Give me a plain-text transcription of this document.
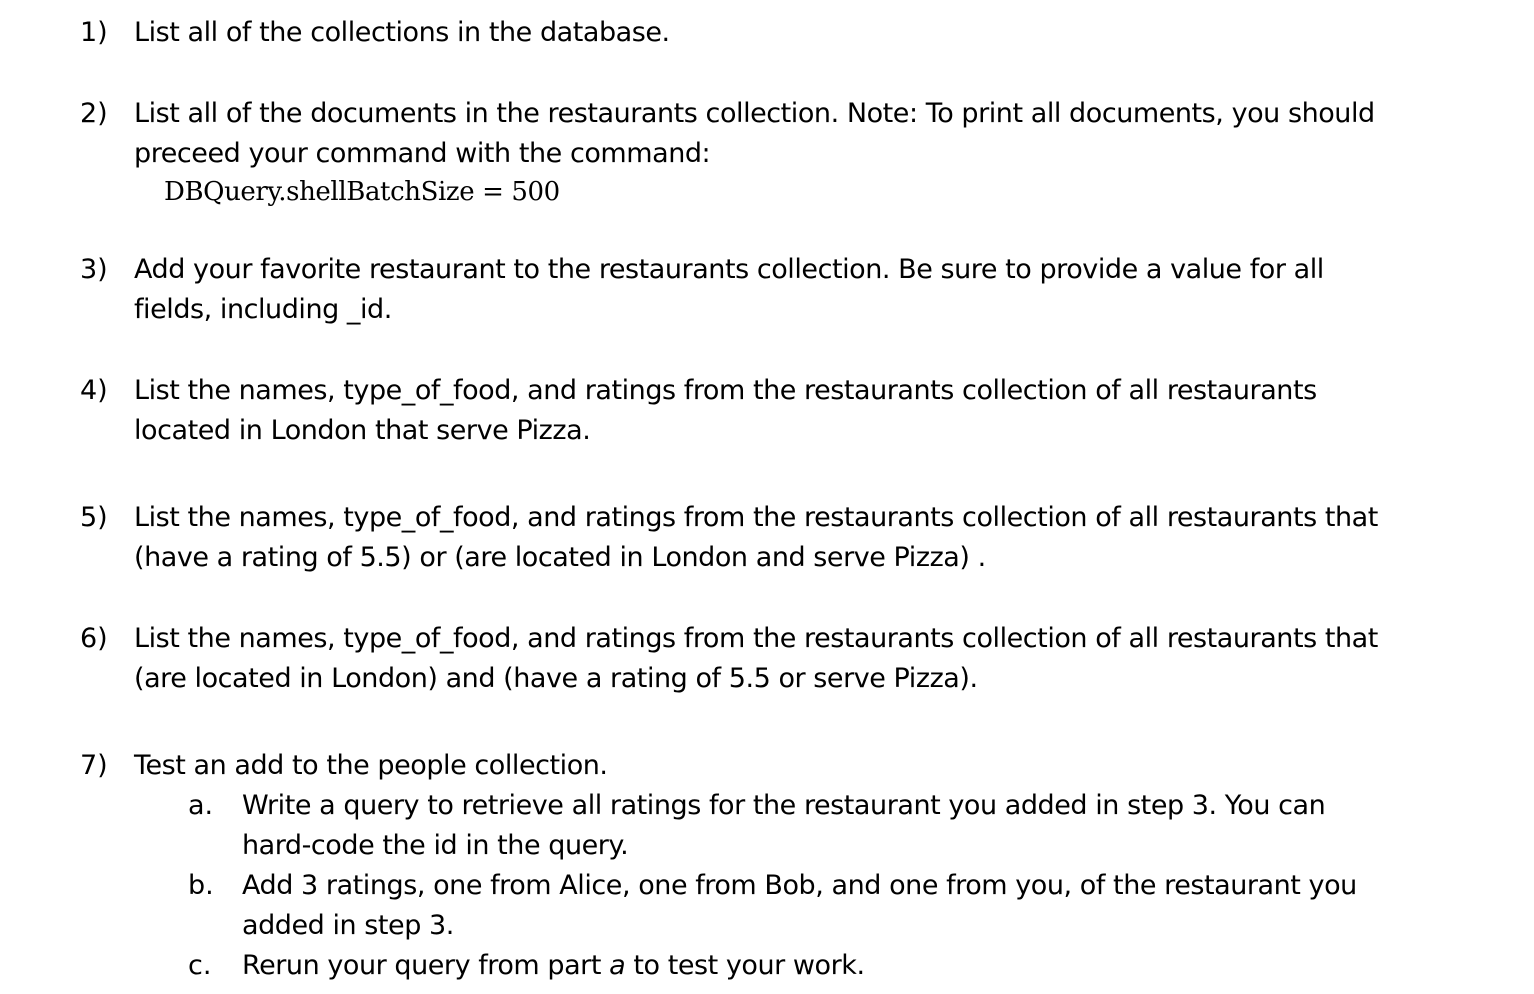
1) List all of the collections in the database.
2) List all of the documents in the restaurants collection. Note: To print all documents, you should
preceed your command with the command:
DBQuery.shellBatchSize = 500
3) Add your favorite restaurant to the restaurants collection. Be sure to provide a value for all
fields, including _id.
4) List the names, type_of_food, and ratings from the restaurants collection of all restaurants
located in London that serve Pizza.
5) List the names, type_of_food, and ratings from the restaurants collection of all restaurants that
(have a rating of 5.5) or (are located in London and serve Pizza) .
6) List the names, type_of_food, and ratings from the restaurants collection of all restaurants that
(are located in London) and (have a rating of 5.5 or serve Pizza).
7) Test an add to the people collection.
a. Write a query to retrieve all ratings for the restaurant you added in step 3. You can
hard-code the id in the query.
b. Add 3 ratings, one from Alice, one from Bob, and one from you, of the restaurant you
added in step 3.
c. Rerun your query from part a to test your work.
